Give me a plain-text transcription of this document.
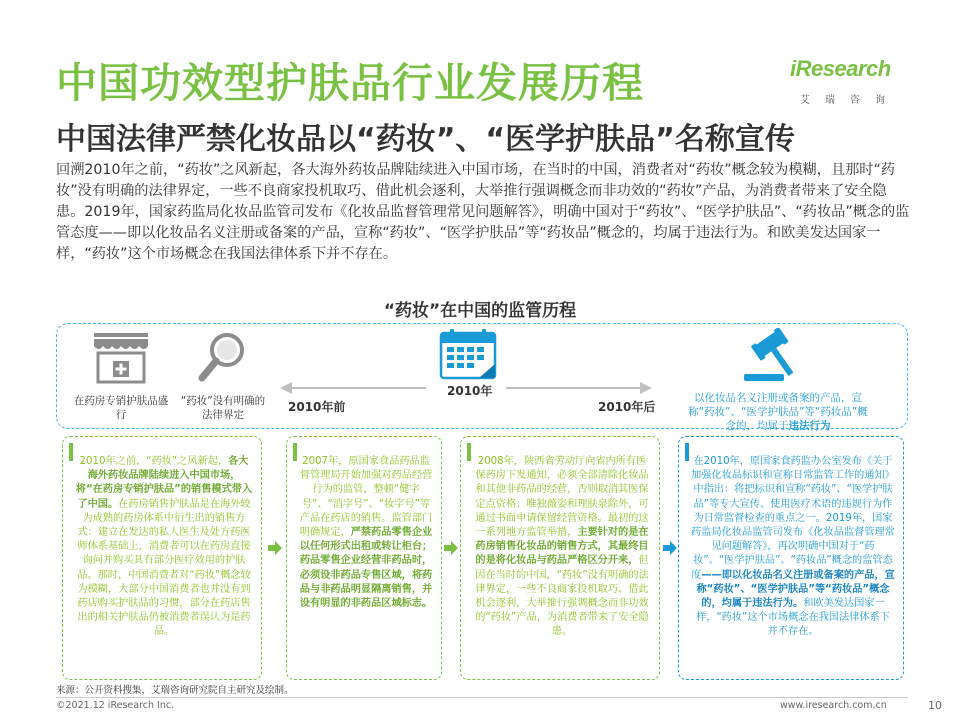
中国功效型护肤品行业发展历程
中国法律严禁化妆品以“药妆”、“医学护肤品”名称宣传
iResearch
艾瑞咨询

回溯2010年之前，“药妆”之风新起，各大海外药妆品牌陆续进入中国市场，在当时的中国，消费者对“药妆”概念较为模糊，且那时“药妆”没有明确的法律界定，一些不良商家投机取巧、借此机会逐利，大举推行强调概念而非功效的“药妆”产品，为消费者带来了安全隐患。2019年，国家药监局化妆品监管司发布《化妆品监督管理常见问题解答》，明确中国对于“药妆”、“医学护肤品”、“药妆品”概念的监管态度——即以化妆品名义注册或备案的产品，宣称“药妆”、“医学护肤品”等“药妆品”概念的，均属于违法行为。和欧美发达国家一样，“药妆”这个市场概念在我国法律体系下并不存在。

“药妆”在中国的监管历程
在药房专销护肤品盛行
“药妆”没有明确的法律界定
2010年前	2010年后
2010年	以化妆品名义注册或备案的产品，宣称“药妆”、“医学护肤品”等“药妆品”概念的，均属于违法行为
2010年之前，“药妆”之风新起，各大海外药妆品牌陆续进入中国市场，将“在药房专销护肤品”的销售模式带入了中国。在药房销售护肤品是在海外较为成熟的药房体系中衍生出的销售方式：建立在发达的私人医生及处方药医师体系基础上，消费者可以在药房直接询问并购买具有部分医疗效用的护肤品。那时，中国消费者对“药妆”概念较为模糊，大部分中国消费者也并没有到药店购买护肤品的习惯，部分在药店售出的相关护肤品仍被消费者误认为是药品。
2007年，原国家食品药品监督管理局开始加强对药品经营行为的监管，整顿“健字号”、“消字号”、“妆字号”等产品在药店的销售。监管部门明确规定，严禁药品零售企业以任何形式出租或转让柜台；药品零售企业经营非药品时，必须设非药品专售区域，将药品与非药品明显隔离销售，并设有明显的非药品区域标志。
2008年，陕西省劳动厅向省内所有医保药房下发通知，必须全部清除化妆品和其他非药品的经营，否则取消其医保定点资格；唯独薇姿和理肤泉除外，可通过书面申请保留经营资格。最初的这一系列地方监管举措，主要针对的是在药房销售化妆品的销售方式，其最终目的是将化妆品与药品严格区分开来，但因在当时的中国，“药妆”没有明确的法律界定，一些不良商家投机取巧、借此机会逐利，大举推行强调概念而非功效的“药妆”产品，为消费者带来了安全隐患。
在2010年，原国家食药监办公室发布《关于加强化妆品标识和宣称日常监管工作的通知》中指出：将把标识和宣称“药妆”、“医学护肤品”等专大宣传、使用医疗术语的违规行为作为日常监督检查的重点之一。2019年，国家药监局化妆品监管司发布《化妆品监督管理常见问题解答》，再次明确中国对于“药妆”、“医学护肤品”、“药妆品”概念的监管态度——即以化妆品名义注册或备案的产品，宣称“药妆”、“医学护肤品”等“药妆品”概念的，均属于违法行为。和欧美发达国家一样，“药妆”这个市场概念在我国法律体系下并不存在。
来源：公开资料搜集，艾瑞咨询研究院自主研究及绘制。
©2021.12 iResearch Inc.	www.iresearch.com.cn	10
